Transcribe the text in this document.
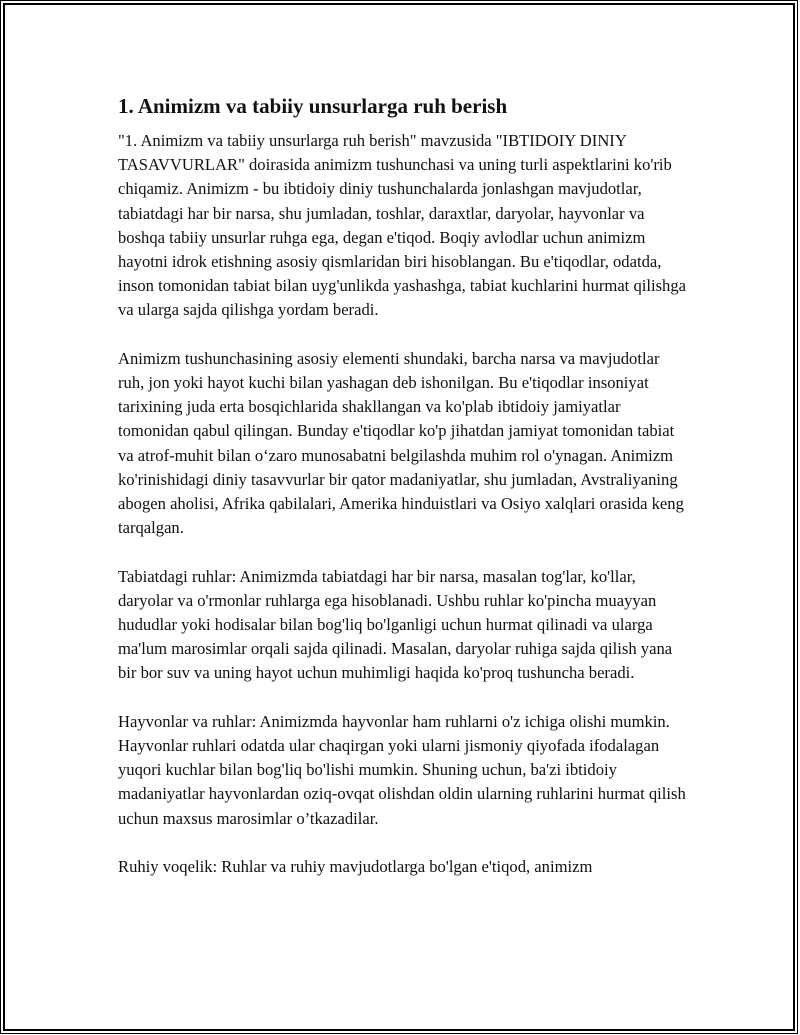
1. Animizm va tabiiy unsurlarga ruh berish

"1. Animizm va tabiiy unsurlarga ruh berish" mavzusida "IBTIDOIY DINIY TASAVVURLAR" doirasida animizm tushunchasi va uning turli aspektlarini ko'rib chiqamiz. Animizm - bu ibtidoiy diniy tushunchalarda jonlashgan mavjudotlar, tabiatdagi har bir narsa, shu jumladan, toshlar, daraxtlar, daryolar, hayvonlar va boshqa tabiiy unsurlar ruhga ega, degan e'tiqod. Boqiy avlodlar uchun animizm hayotni idrok etishning asosiy qismlaridan biri hisoblangan. Bu e'tiqodlar, odatda, inson tomonidan tabiat bilan uyg'unlikda yashashga, tabiat kuchlarini hurmat qilishga va ularga sajda qilishga yordam beradi.

Animizm tushunchasining asosiy elementi shundaki, barcha narsa va mavjudotlar ruh, jon yoki hayot kuchi bilan yashagan deb ishonilgan. Bu e'tiqodlar insoniyat tarixining juda erta bosqichlarida shakllangan va ko'plab ibtidoiy jamiyatlar tomonidan qabul qilingan. Bunday e'tiqodlar ko'p jihatdan jamiyat tomonidan tabiat va atrof-muhit bilan o‘zaro munosabatni belgilashda muhim rol o'ynagan. Animizm ko'rinishidagi diniy tasavvurlar bir qator madaniyatlar, shu jumladan, Avstraliyaning abogen aholisi, Afrika qabilalari, Amerika hinduistlari va Osiyo xalqlari orasida keng tarqalgan.

Tabiatdagi ruhlar: Animizmda tabiatdagi har bir narsa, masalan tog'lar, ko'llar, daryolar va o'rmonlar ruhlarga ega hisoblanadi. Ushbu ruhlar ko'pincha muayyan hududlar yoki hodisalar bilan bog'liq bo'lganligi uchun hurmat qilinadi va ularga ma'lum marosimlar orqali sajda qilinadi. Masalan, daryolar ruhiga sajda qilish yana bir bor suv va uning hayot uchun muhimligi haqida ko'proq tushuncha beradi.

Hayvonlar va ruhlar: Animizmda hayvonlar ham ruhlarni o'z ichiga olishi mumkin. Hayvonlar ruhlari odatda ular chaqirgan yoki ularni jismoniy qiyofada ifodalagan yuqori kuchlar bilan bog'liq bo'lishi mumkin. Shuning uchun, ba'zi ibtidoiy madaniyatlar hayvonlardan oziq-ovqat olishdan oldin ularning ruhlarini hurmat qilish uchun maxsus marosimlar o’tkazadilar.

Ruhiy voqelik: Ruhlar va ruhiy mavjudotlarga bo'lgan e'tiqod, animizm
